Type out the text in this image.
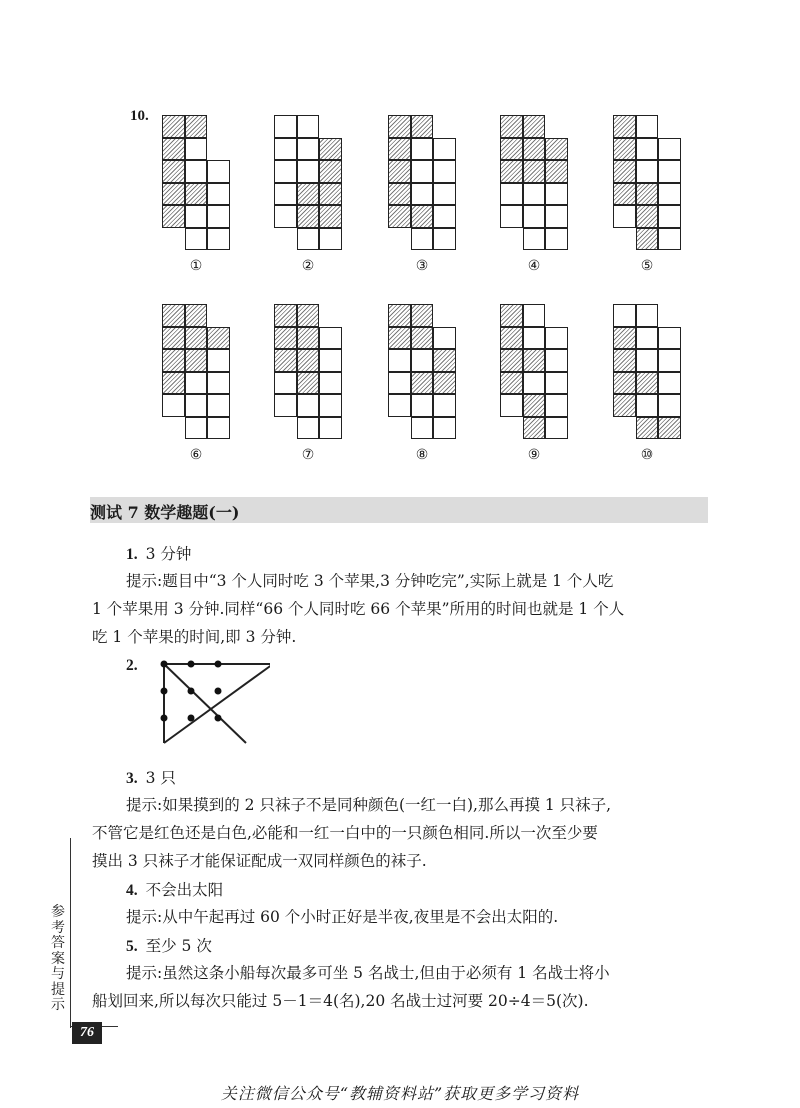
10.
①	②	③	④	⑤
⑥	⑦	⑧	⑨	⑩
测试 7 数学趣题(一)
1. 3 分钟
提示:题目中“3 个人同时吃 3 个苹果,3 分钟吃完”,实际上就是 1 个人吃
1 个苹果用 3 分钟.同样“66 个人同时吃 66 个苹果”所用的时间也就是 1 个人
吃 1 个苹果的时间,即 3 分钟.
2.
3. 3 只
提示:如果摸到的 2 只袜子不是同种颜色(一红一白),那么再摸 1 只袜子,
不管它是红色还是白色,必能和一红一白中的一只颜色相同.所以一次至少要
摸出 3 只袜子才能保证配成一双同样颜色的袜子.
4. 不会出太阳
提示:从中午起再过 60 个小时正好是半夜,夜里是不会出太阳的.
5. 至少 5 次
提示:虽然这条小船每次最多可坐 5 名战士,但由于必须有 1 名战士将小
船划回来,所以每次只能过 5－1＝4(名),20 名战士过河要 20÷4＝5(次).
参考答案与提示
76
关注微信公众号“教辅资料站”获取更多学习资料
